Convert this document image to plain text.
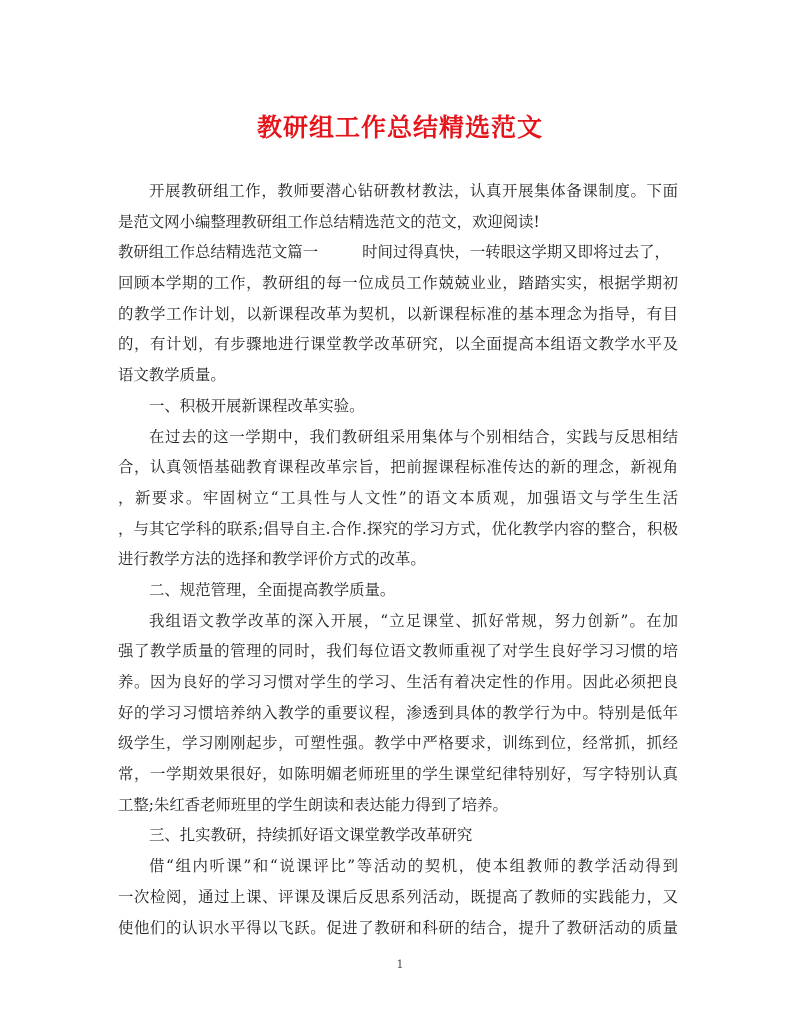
教研组工作总结精选范文
开展教研组工作，教师要潜心钻研教材教法，认真开展集体备课制度。下面
是范文网小编整理教研组工作总结精选范文的范文，欢迎阅读!
教研组工作总结精选范文篇一	时间过得真快，一转眼这学期又即将过去了，
回顾本学期的工作，教研组的每一位成员工作兢兢业业，踏踏实实，根据学期初
的教学工作计划，以新课程改革为契机，以新课程标准的基本理念为指导，有目
的，有计划，有步骤地进行课堂教学改革研究，以全面提高本组语文教学水平及
语文教学质量。
一、积极开展新课程改革实验。
在过去的这一学期中，我们教研组采用集体与个别相结合，实践与反思相结
合，认真领悟基础教育课程改革宗旨，把前握课程标准传达的新的理念，新视角
，新要求。牢固树立“工具性与人文性”的语文本质观，加强语文与学生生活
，与其它学科的联系;倡导自主.合作.探究的学习方式，优化教学内容的整合，积极
进行教学方法的选择和教学评价方式的改革。
二、规范管理，全面提高教学质量。
我组语文教学改革的深入开展，“立足课堂、抓好常规，努力创新”。在加
强了教学质量的管理的同时，我们每位语文教师重视了对学生良好学习习惯的培
养。因为良好的学习习惯对学生的学习、生活有着决定性的作用。因此必须把良
好的学习习惯培养纳入教学的重要议程，渗透到具体的教学行为中。特别是低年
级学生，学习刚刚起步，可塑性强。教学中严格要求，训练到位，经常抓，抓经
常，一学期效果很好，如陈明媚老师班里的学生课堂纪律特别好，写字特别认真
工整;朱红香老师班里的学生朗读和表达能力得到了培养。
三、扎实教研，持续抓好语文课堂教学改革研究
借“组内听课”和“说课评比”等活动的契机，使本组教师的教学活动得到
一次检阅，通过上课、评课及课后反思系列活动，既提高了教师的实践能力，又
使他们的认识水平得以飞跃。促进了教研和科研的结合，提升了教研活动的质量
1
